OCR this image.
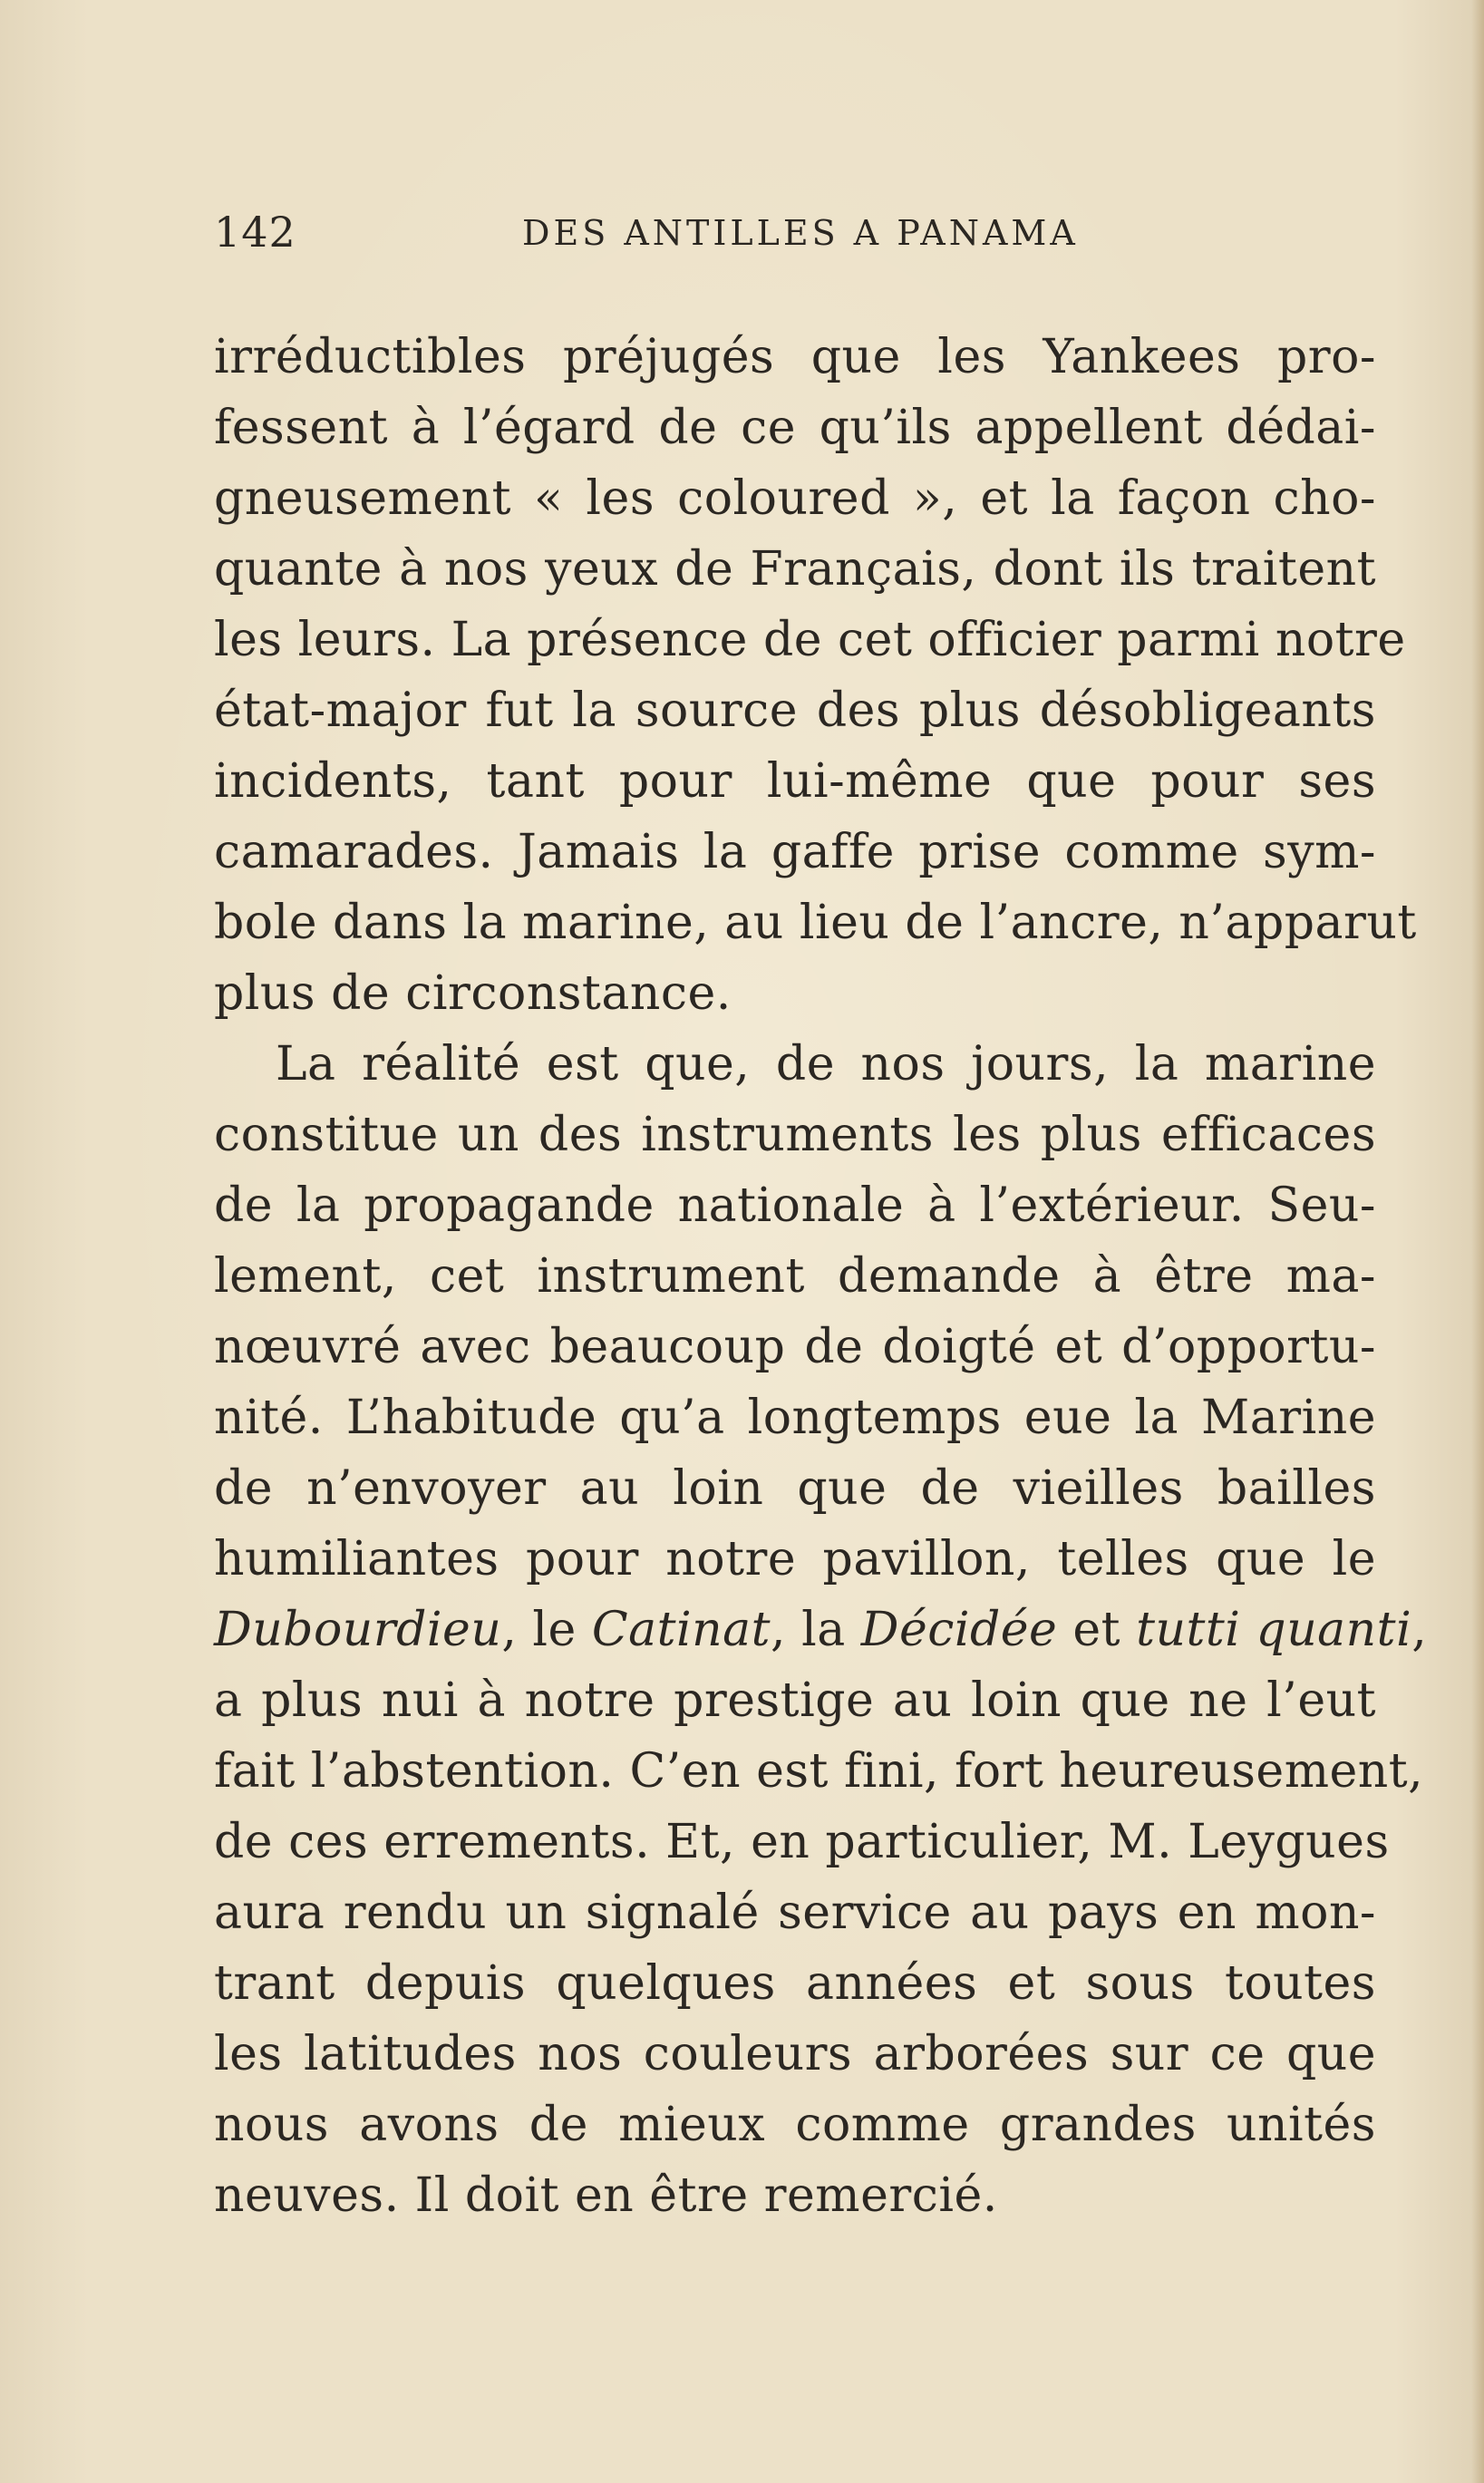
142	DES ANTILLES A PANAMA
irréductibles préjugés que les Yankees pro-
fessent à l’égard de ce qu’ils appellent dédai-
gneusement « les coloured », et la façon cho-
quante à nos yeux de Français, dont ils traitent
les leurs. La présence de cet officier parmi notre
état-major fut la source des plus désobligeants
incidents, tant pour lui-même que pour ses
camarades. Jamais la gaffe prise comme sym-
bole dans la marine, au lieu de l’ancre, n’apparut
plus de circonstance.
La réalité est que, de nos jours, la marine
constitue un des instruments les plus efficaces
de la propagande nationale à l’extérieur. Seu-
lement, cet instrument demande à être ma-
nœuvré avec beaucoup de doigté et d’opportu-
nité. L’habitude qu’a longtemps eue la Marine
de n’envoyer au loin que de vieilles bailles
humiliantes pour notre pavillon, telles que le
Dubourdieu, le Catinat, la Décidée et tutti quanti,
a plus nui à notre prestige au loin que ne l’eut
fait l’abstention. C’en est fini, fort heureusement,
de ces errements. Et, en particulier, M. Leygues
aura rendu un signalé service au pays en mon-
trant depuis quelques années et sous toutes
les latitudes nos couleurs arborées sur ce que
nous avons de mieux comme grandes unités
neuves. Il doit en être remercié.
